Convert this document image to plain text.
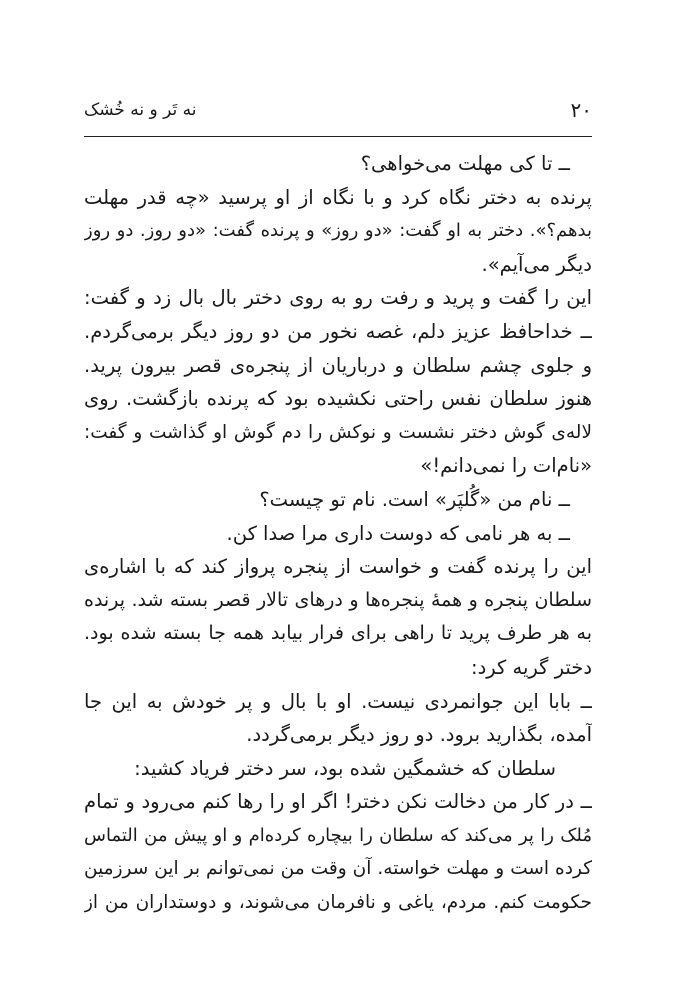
۲۰
نه تَر و نه خُشک
ــ تا کی مهلت می‌خواهی؟
پرنده به دختر نگاه کرد و با نگاه از او پرسید «چه قدر مهلت
بدهم؟». دختر به او گفت: «دو روز» و پرنده گفت: «دو روز. دو روز
دیگر می‌آیم».
این را گفت و پرید و رفت رو به روی دختر بال بال زد و گفت:
ــ خداحافظ عزیز دلم، غصه نخور من دو روز دیگر برمی‌گردم.
و جلوی چشم سلطان و درباریان از پنجره‌ی قصر بیرون پرید.
هنوز سلطان نفس راحتی نکشیده بود که پرنده بازگشت. روی
لاله‌ی گوش دختر نشست و نوکش را دم گوش او گذاشت و گفت:
«نام‌ات را نمی‌دانم!»
ــ نام من «گُلپَر» است. نام تو چیست؟
ــ به هر نامی که دوست داری مرا صدا کن.
این را پرنده گفت و خواست از پنجره پرواز کند که با اشاره‌ی
سلطان پنجره و همهٔ پنجره‌ها و درهای تالار قصر بسته شد. پرنده
به هر طرف پرید تا راهی برای فرار بیابد همه جا بسته شده بود.
دختر گریه کرد:
ــ بابا این جوانمردی نیست. او با بال و پر خودش به این جا
آمده، بگذارید برود. دو روز دیگر برمی‌گردد.
سلطان که خشمگین شده بود، سر دختر فریاد کشید:
ــ در کار من دخالت نکن دختر! اگر او را رها کنم می‌رود و تمام
مُلک را پر می‌کند که سلطان را بیچاره کرده‌ام و او پیش من التماس
کرده است و مهلت خواسته. آن وقت من نمی‌توانم بر این سرزمین
حکومت کنم. مردم، یاغی و نافرمان می‌شوند، و دوستداران من از
